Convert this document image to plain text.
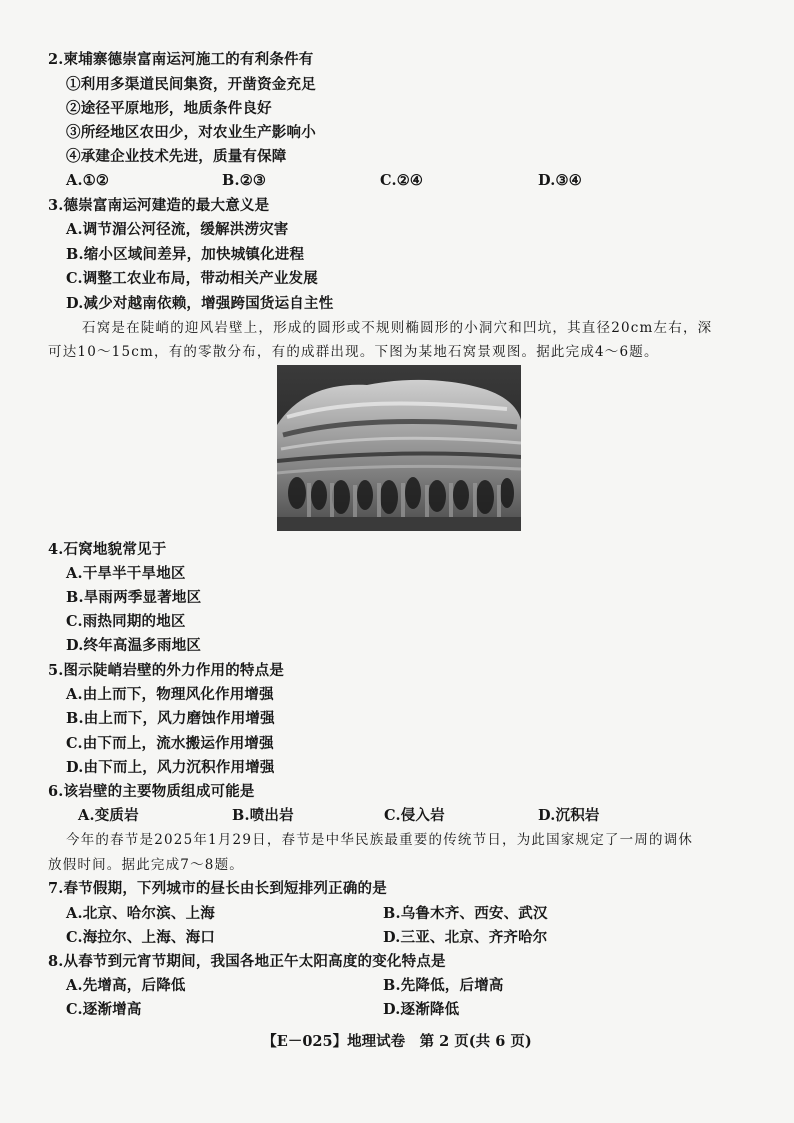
2.柬埔寨德崇富南运河施工的有利条件有
①利用多渠道民间集资，开凿资金充足
②途径平原地形，地质条件良好
③所经地区农田少，对农业生产影响小
④承建企业技术先进，质量有保障
A.①②	B.②③	C.②④	D.③④
3.德崇富南运河建造的最大意义是
A.调节湄公河径流，缓解洪涝灾害
B.缩小区域间差异，加快城镇化进程
C.调整工农业布局，带动相关产业发展
D.减少对越南依赖，增强跨国货运自主性
石窝是在陡峭的迎风岩壁上，形成的圆形或不规则椭圆形的小洞穴和凹坑，其直径20cm左右，深
可达10～15cm，有的零散分布，有的成群出现。下图为某地石窝景观图。据此完成4～6题。
4.石窝地貌常见于
A.干旱半干旱地区
B.旱雨两季显著地区
C.雨热同期的地区
D.终年高温多雨地区
5.图示陡峭岩壁的外力作用的特点是
A.由上而下，物理风化作用增强
B.由上而下，风力磨蚀作用增强
C.由下而上，流水搬运作用增强
D.由下而上，风力沉积作用增强
6.该岩壁的主要物质组成可能是
A.变质岩	B.喷出岩	C.侵入岩	D.沉积岩
今年的春节是2025年1月29日，春节是中华民族最重要的传统节日，为此国家规定了一周的调休
放假时间。据此完成7～8题。
7.春节假期，下列城市的昼长由长到短排列正确的是
A.北京、哈尔滨、上海	B.乌鲁木齐、西安、武汉
C.海拉尔、上海、海口	D.三亚、北京、齐齐哈尔
8.从春节到元宵节期间，我国各地正午太阳高度的变化特点是
A.先增高，后降低	B.先降低，后增高
C.逐渐增高	D.逐渐降低
【E－025】地理试卷　第 2 页(共 6 页)
